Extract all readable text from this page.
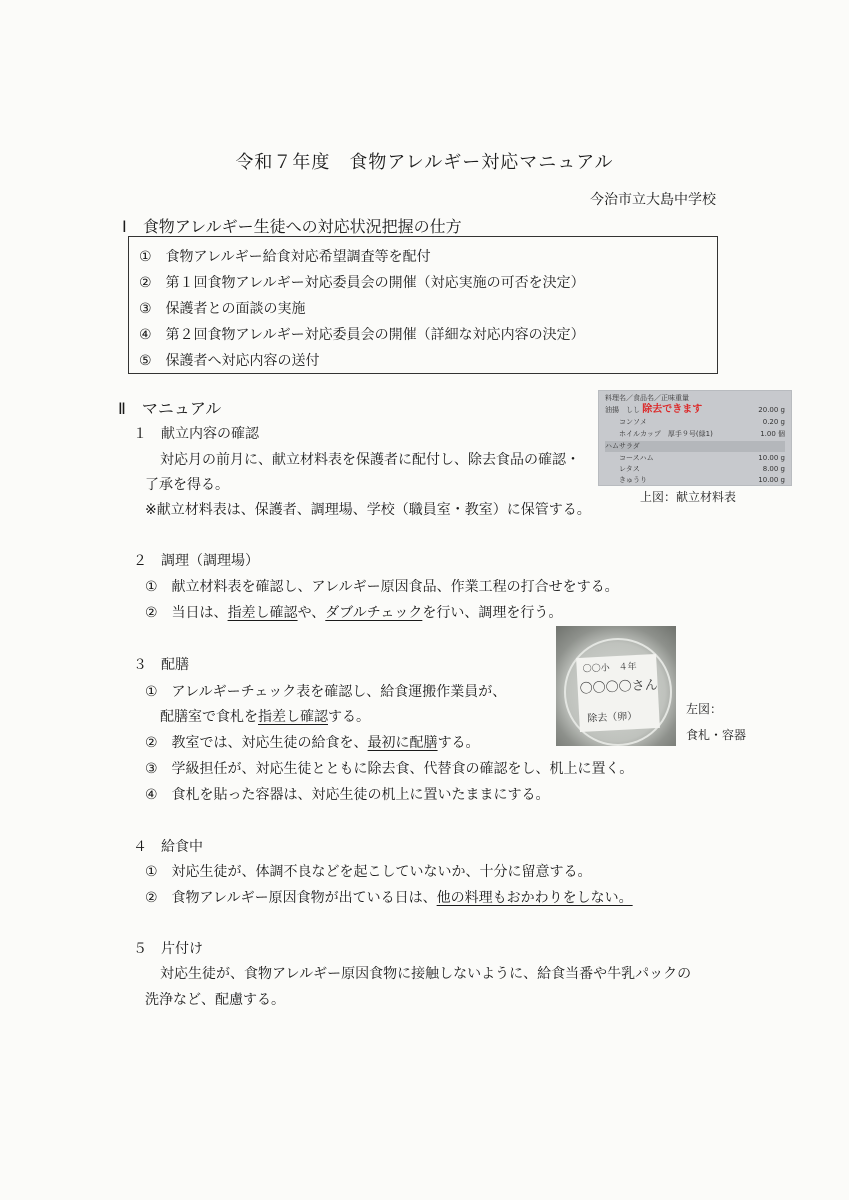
令和７年度　食物アレルギー対応マニュアル
今治市立大島中学校
Ⅰ　食物アレルギー生徒への対応状況把握の仕方
①　食物アレルギー給食対応希望調査等を配付
②　第１回食物アレルギー対応委員会の開催（対応実施の可否を決定）
③　保護者との面談の実施
④　第２回食物アレルギー対応委員会の開催（詳細な対応内容の決定）
⑤　保護者へ対応内容の送付
Ⅱ　マニュアル
１　献立内容の確認
対応月の前月に、献立材料表を保護者に配付し、除去食品の確認・
了承を得る。
※献立材料表は、保護者、調理場、学校（職員室・教室）に保管する。
料理名／食品名／正味重量
油揚　しし 除去できます	20.00 g
コンソメ	0.20 g
ホイルカップ　厚手９号(緑1)	1.00 個
ハムサラダ
コースハム	10.00 g
レタス	8.00 g
きゅうり	10.00 g
上図：献立材料表
２　調理（調理場）
①　献立材料表を確認し、アレルギー原因食品、作業工程の打合せをする。
②　当日は、指差し確認や、ダブルチェックを行い、調理を行う。
３　配膳
①　アレルギーチェック表を確認し、給食運搬作業員が、
配膳室で食札を指差し確認する。
②　教室では、対応生徒の給食を、最初に配膳する。
③　学級担任が、対応生徒とともに除去食、代替食の確認をし、机上に置く。
④　食札を貼った容器は、対応生徒の机上に置いたままにする。
〇〇小　４年
〇〇〇〇さん
除去（卵）
左図：
食札・容器
４　給食中
①　対応生徒が、体調不良などを起こしていないか、十分に留意する。
②　食物アレルギー原因食物が出ている日は、他の料理もおかわりをしない。
５　片付け
対応生徒が、食物アレルギー原因食物に接触しないように、給食当番や牛乳パックの
洗浄など、配慮する。
